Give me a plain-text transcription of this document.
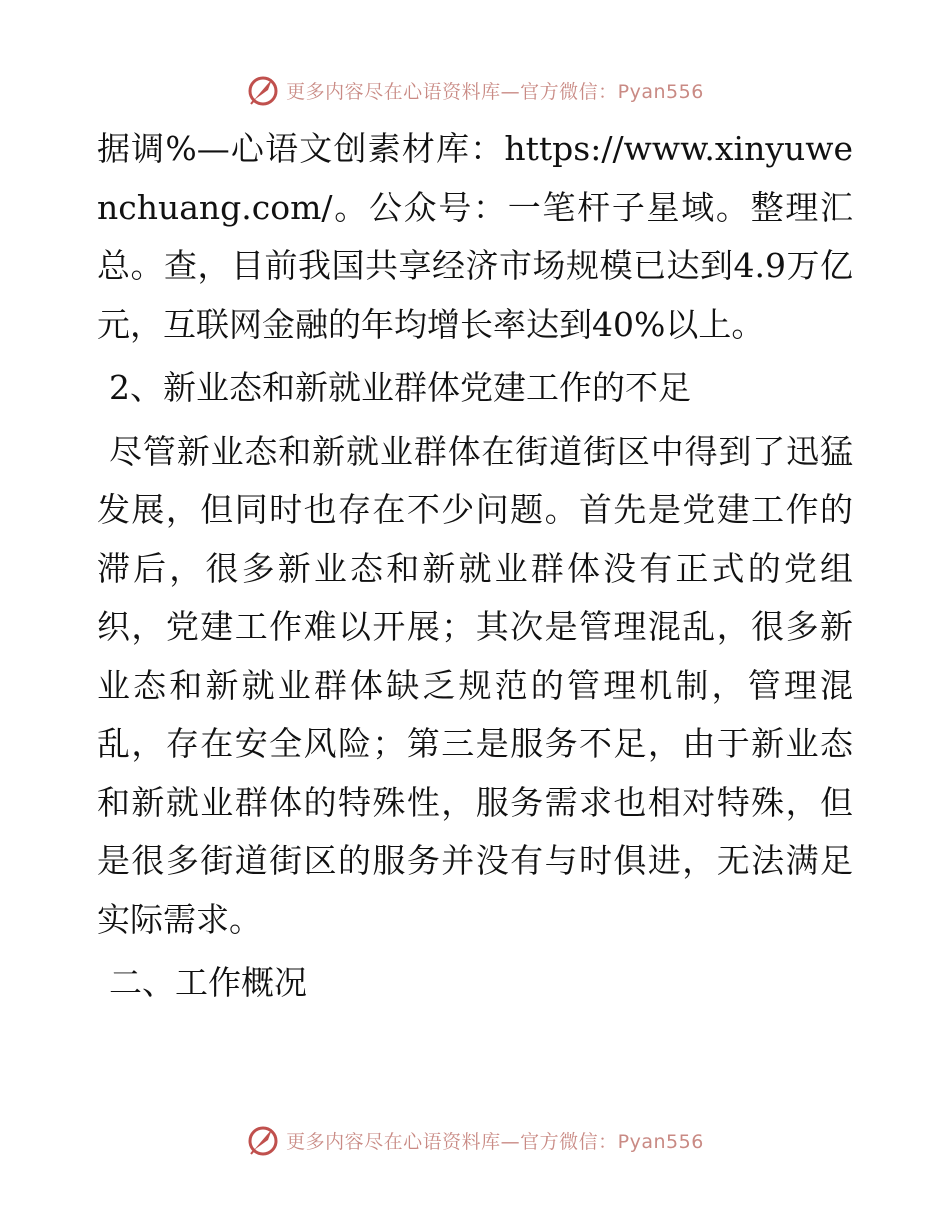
更多内容尽在心语资料库—官方微信：Pyan556

据调%—心语文创素材库：https://www.xinyuwenchuang.com/。公众号：一笔杆子星域。整理汇总。查，目前我国共享经济市场规模已达到4.9万亿元，互联网金融的年均增长率达到40%以上。

2、新业态和新就业群体党建工作的不足

尽管新业态和新就业群体在街道街区中得到了迅猛发展，但同时也存在不少问题。首先是党建工作的滞后，很多新业态和新就业群体没有正式的党组织，党建工作难以开展；其次是管理混乱，很多新业态和新就业群体缺乏规范的管理机制，管理混乱，存在安全风险；第三是服务不足，由于新业态和新就业群体的特殊性，服务需求也相对特殊，但是很多街道街区的服务并没有与时俱进，无法满足实际需求。

二、工作概况

更多内容尽在心语资料库—官方微信：Pyan556
